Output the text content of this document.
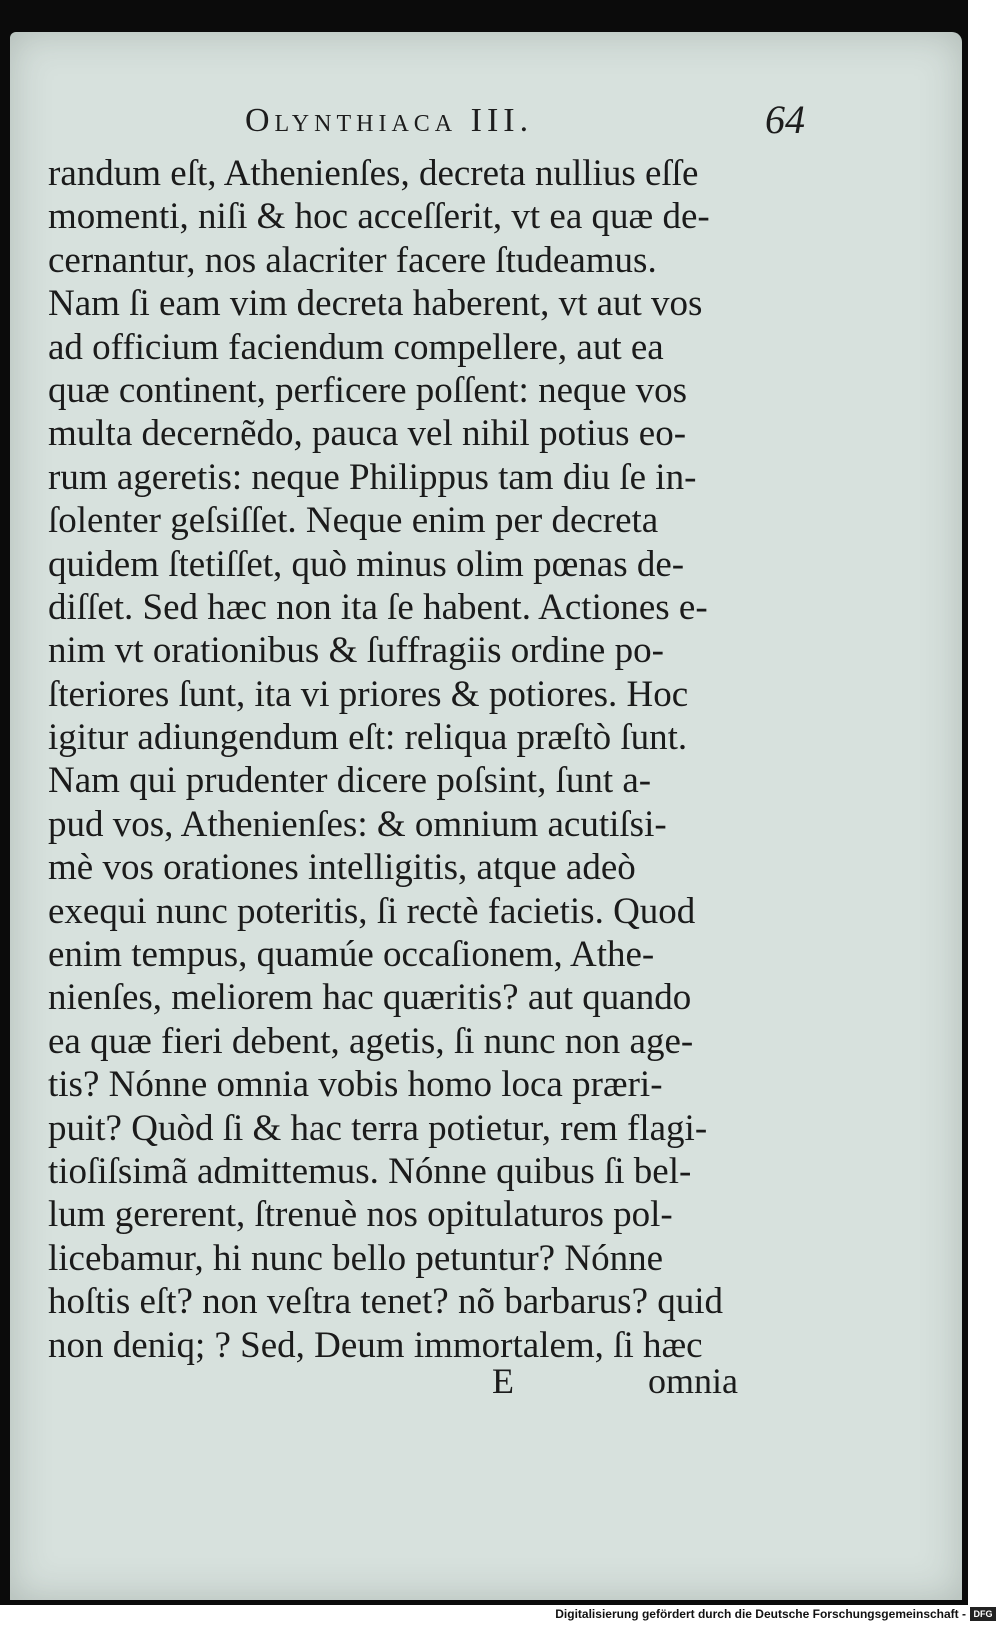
Olynthiaca III.	64
randum eſt, Athenienſes, decreta nullius eſſe
momenti, niſi & hoc acceſſerit, vt ea quæ de-
cernantur, nos alacriter facere ſtudeamus.
Nam ſi eam vim decreta haberent, vt aut vos
ad officium faciendum compellere, aut ea
quæ continent, perficere poſſent: neque vos
multa decernẽdo, pauca vel nihil potius eo-
rum ageretis: neque Philippus tam diu ſe in-
ſolenter geſsiſſet. Neque enim per decreta
quidem ſtetiſſet, quò minus olim pœnas de-
diſſet. Sed hæc non ita ſe habent. Actiones e-
nim vt orationibus & ſuffragiis ordine po-
ſteriores ſunt, ita vi priores & potiores. Hoc
igitur adiungendum eſt: reliqua præſtò ſunt.
Nam qui prudenter dicere poſsint, ſunt a-
pud vos, Athenienſes: & omnium acutiſsi-
mè vos orationes intelligitis, atque adeò
exequi nunc poteritis, ſi rectè facietis. Quod
enim tempus, quamúe occaſionem, Athe-
nienſes, meliorem hac quæritis? aut quando
ea quæ fieri debent, agetis, ſi nunc non age-
tis? Nónne omnia vobis homo loca præri-
puit? Quòd ſi & hac terra potietur, rem flagi-
tioſiſsimã admittemus. Nónne quibus ſi bel-
lum gererent, ſtrenuè nos opitulaturos pol-
licebamur, hi nunc bello petuntur? Nónne
hoſtis eſt? non veſtra tenet? nõ barbarus? quid
non deniq; ? Sed, Deum immortalem, ſi hæc
E	omnia
Digitalisierung gefördert durch die Deutsche Forschungsgemeinschaft - DFG
